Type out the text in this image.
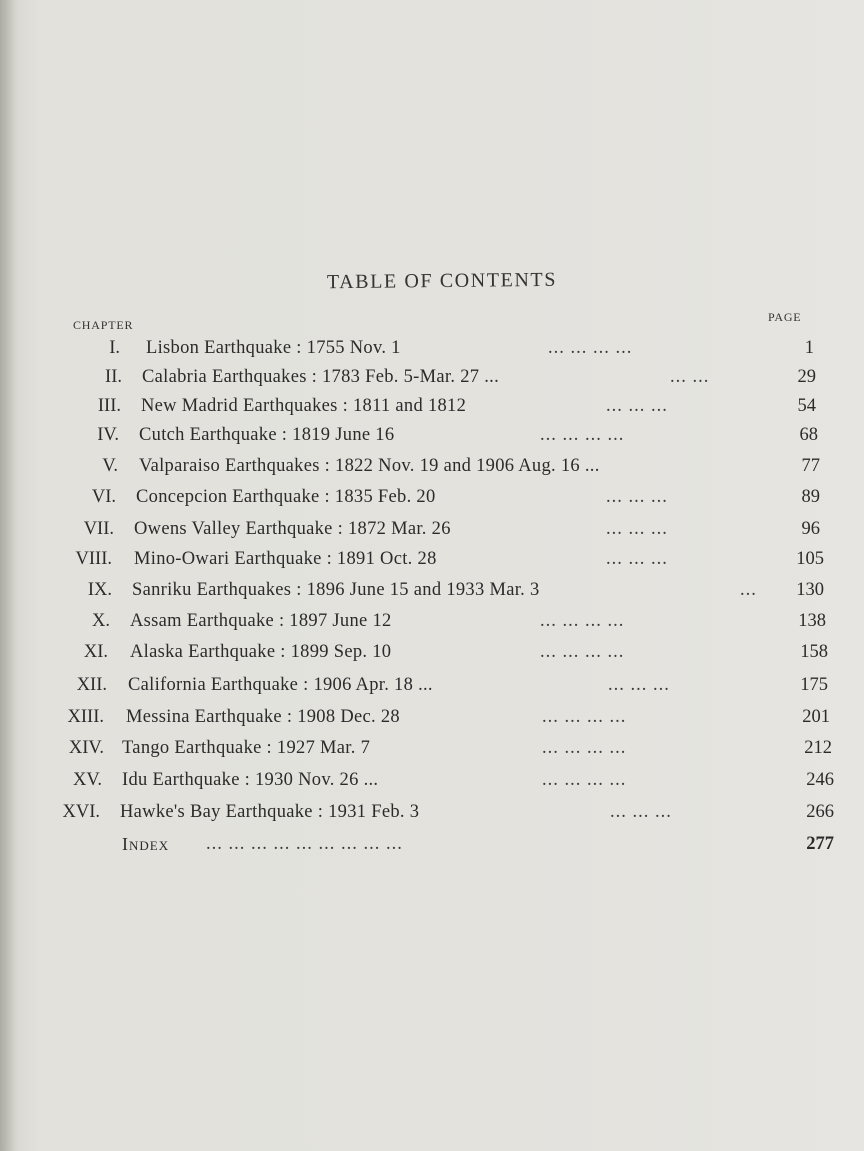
TABLE OF CONTENTS
CHAPTER
PAGE
I. Lisbon Earthquake : 1755 Nov. 1	... ... ... ...	1
II. Calabria Earthquakes : 1783 Feb. 5-Mar. 27 ...	... ...	29
III. New Madrid Earthquakes : 1811 and 1812	... ... ...	54
IV. Cutch Earthquake : 1819 June 16	... ... ... ...	68
V. Valparaiso Earthquakes : 1822 Nov. 19 and 1906 Aug. 16 ...	77
VI. Concepcion Earthquake : 1835 Feb. 20	... ... ...	89
VII. Owens Valley Earthquake : 1872 Mar. 26	... ... ...	96
VIII. Mino-Owari Earthquake : 1891 Oct. 28	... ... ...	105
IX. Sanriku Earthquakes : 1896 June 15 and 1933 Mar. 3	...	130
X. Assam Earthquake : 1897 June 12	... ... ... ...	138
XI. Alaska Earthquake : 1899 Sep. 10	... ... ... ...	158
XII. California Earthquake : 1906 Apr. 18 ...	... ... ...	175
XIII. Messina Earthquake : 1908 Dec. 28	... ... ... ...	201
XIV. Tango Earthquake : 1927 Mar. 7	... ... ... ...	212
XV. Idu Earthquake : 1930 Nov. 26 ...	... ... ... ...	246
XVI. Hawke's Bay Earthquake : 1931 Feb. 3	... ... ...	266
Index ... ... ... ... ... ... ... ... ...	277
